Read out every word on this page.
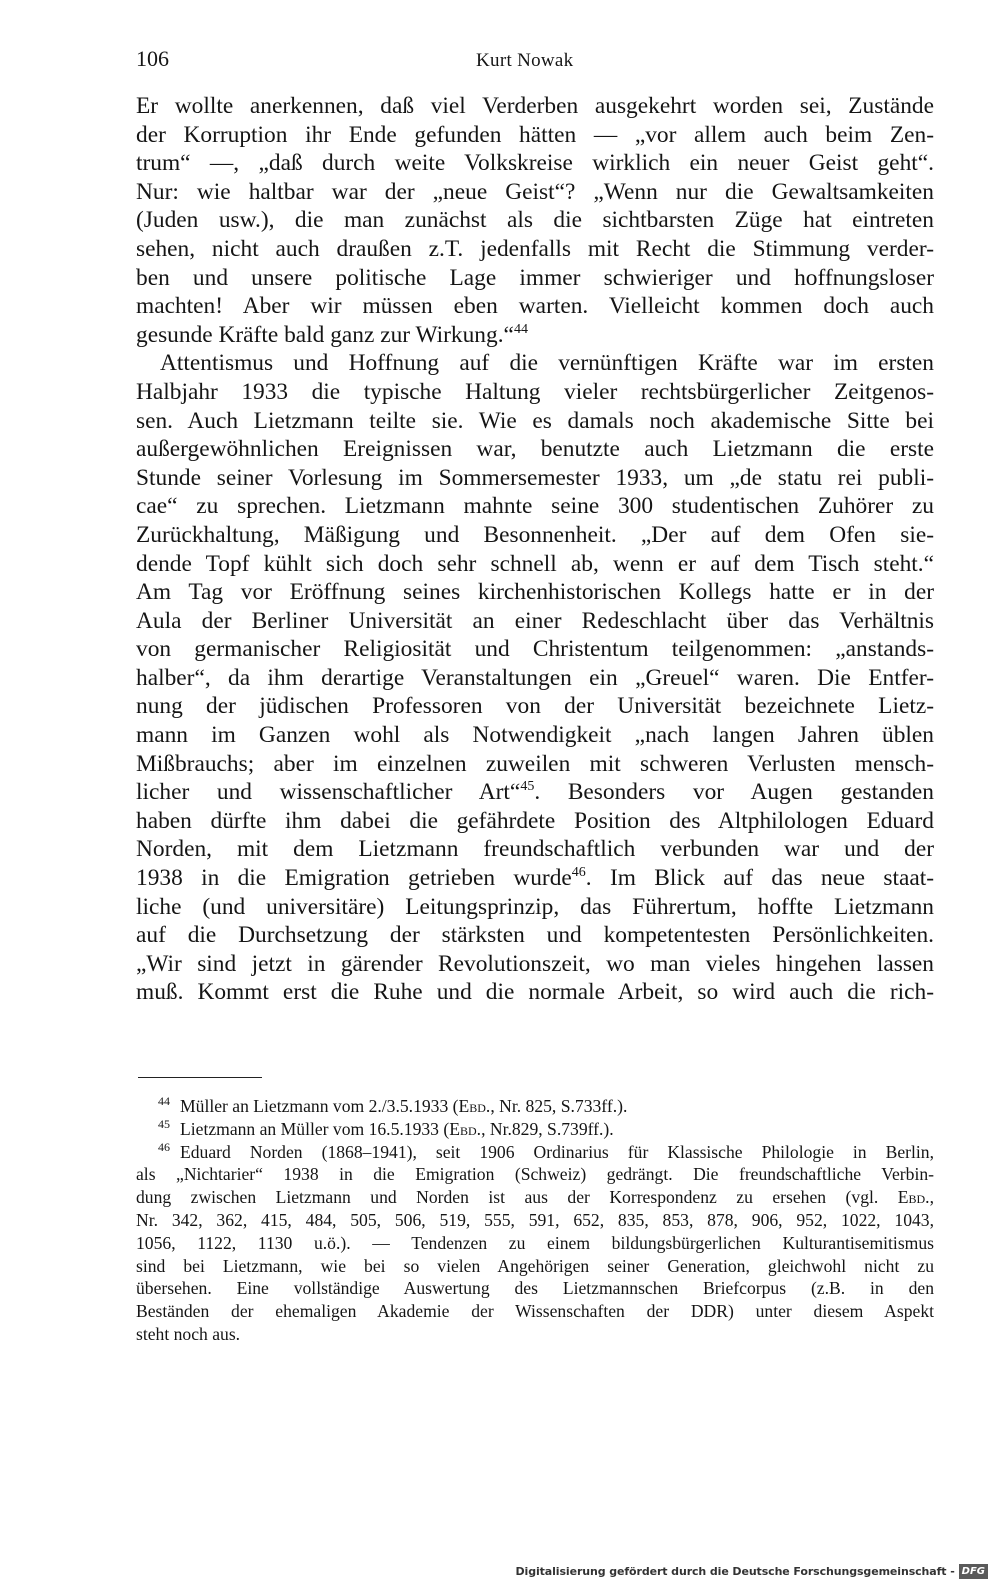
106	Kurt Nowak
Er wollte anerkennen, daß viel Verderben ausgekehrt worden sei, Zustände
der Korruption ihr Ende gefunden hätten — „vor allem auch beim Zen-
trum“ —, „daß durch weite Volkskreise wirklich ein neuer Geist geht“.
Nur: wie haltbar war der „neue Geist“? „Wenn nur die Gewaltsamkeiten
(Juden usw.), die man zunächst als die sichtbarsten Züge hat eintreten
sehen, nicht auch draußen z.T. jedenfalls mit Recht die Stimmung verder-
ben und unsere politische Lage immer schwieriger und hoffnungsloser
machten! Aber wir müssen eben warten. Vielleicht kommen doch auch
gesunde Kräfte bald ganz zur Wirkung.“$^{44}$
Attentismus und Hoffnung auf die vernünftigen Kräfte war im ersten
Halbjahr 1933 die typische Haltung vieler rechtsbürgerlicher Zeitgenos-
sen. Auch Lietzmann teilte sie. Wie es damals noch akademische Sitte bei
außergewöhnlichen Ereignissen war, benutzte auch Lietzmann die erste
Stunde seiner Vorlesung im Sommersemester 1933, um „de statu rei publi-
cae“ zu sprechen. Lietzmann mahnte seine 300 studentischen Zuhörer zu
Zurückhaltung, Mäßigung und Besonnenheit. „Der auf dem Ofen sie-
dende Topf kühlt sich doch sehr schnell ab, wenn er auf dem Tisch steht.“
Am Tag vor Eröffnung seines kirchenhistorischen Kollegs hatte er in der
Aula der Berliner Universität an einer Redeschlacht über das Verhältnis
von germanischer Religiosität und Christentum teilgenommen: „anstands-
halber“, da ihm derartige Veranstaltungen ein „Greuel“ waren. Die Entfer-
nung der jüdischen Professoren von der Universität bezeichnete Lietz-
mann im Ganzen wohl als Notwendigkeit „nach langen Jahren üblen
Mißbrauchs; aber im einzelnen zuweilen mit schweren Verlusten mensch-
licher und wissenschaftlicher Art“$^{45}$. Besonders vor Augen gestanden
haben dürfte ihm dabei die gefährdete Position des Altphilologen Eduard
Norden, mit dem Lietzmann freundschaftlich verbunden war und der
1938 in die Emigration getrieben wurde$^{46}$. Im Blick auf das neue staat-
liche (und universitäre) Leitungsprinzip, das Führertum, hoffte Lietzmann
auf die Durchsetzung der stärksten und kompetentesten Persönlichkeiten.
„Wir sind jetzt in gärender Revolutionszeit, wo man vieles hingehen lassen
muß. Kommt erst die Ruhe und die normale Arbeit, so wird auch die rich-
$^{44}$ Müller an Lietzmann vom 2./3.5.1933 (Ebd., Nr. 825, S.733ff.).
$^{45}$ Lietzmann an Müller vom 16.5.1933 (Ebd., Nr.829, S.739ff.).
$^{46}$ Eduard Norden (1868–1941), seit 1906 Ordinarius für Klassische Philologie in Berlin,
als „Nichtarier“ 1938 in die Emigration (Schweiz) gedrängt. Die freundschaftliche Verbin-
dung zwischen Lietzmann und Norden ist aus der Korrespondenz zu ersehen (vgl. Ebd.,
Nr. 342, 362, 415, 484, 505, 506, 519, 555, 591, 652, 835, 853, 878, 906, 952, 1022, 1043,
1056, 1122, 1130 u.ö.). — Tendenzen zu einem bildungsbürgerlichen Kulturantisemitismus
sind bei Lietzmann, wie bei so vielen Angehörigen seiner Generation, gleichwohl nicht zu
übersehen. Eine vollständige Auswertung des Lietzmannschen Briefcorpus (z.B. in den
Beständen der ehemaligen Akademie der Wissenschaften der DDR) unter diesem Aspekt
steht noch aus.
Digitalisierung gefördert durch die Deutsche Forschungsgemeinschaft - DFG
